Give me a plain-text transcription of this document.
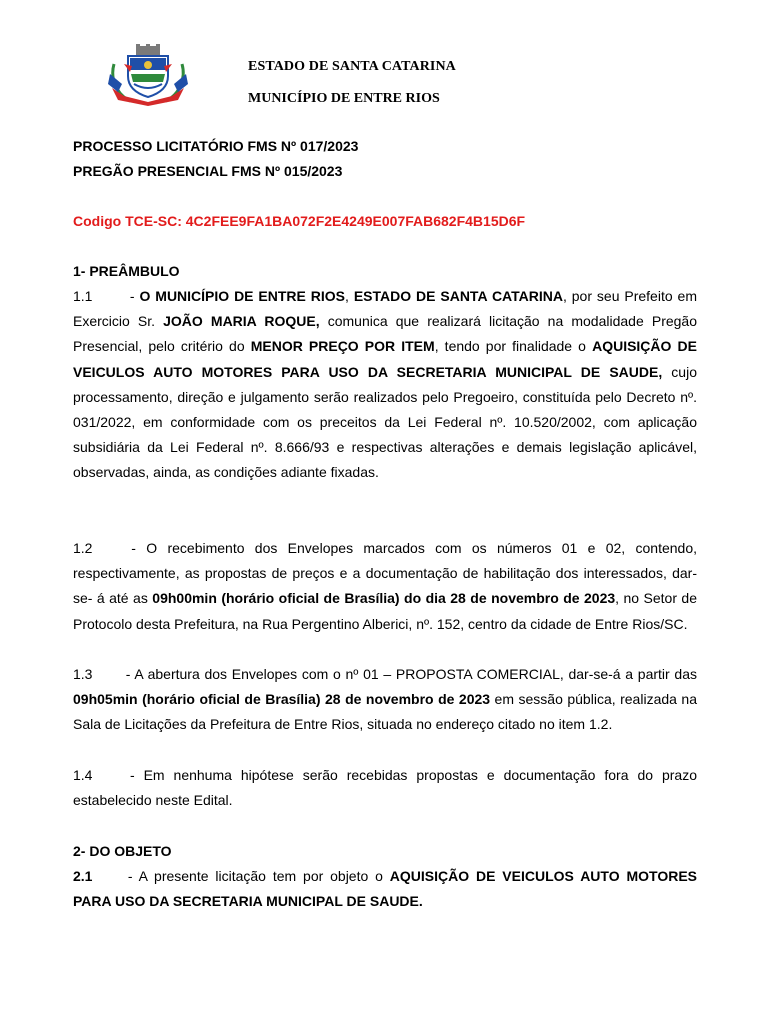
ESTADO DE SANTA CATARINA
MUNICÍPIO DE ENTRE RIOS
PROCESSO LICITATÓRIO FMS Nº 017/2023
PREGÃO PRESENCIAL FMS Nº 015/2023
Codigo TCE-SC: 4C2FEE9FA1BA072F2E4249E007FAB682F4B15D6F
1- PREÂMBULO

1.1 - O MUNICÍPIO DE ENTRE RIOS, ESTADO DE SANTA CATARINA, por seu Prefeito em Exercicio Sr. JOÃO MARIA ROQUE, comunica que realizará licitação na modalidade Pregão Presencial, pelo critério do MENOR PREÇO POR ITEM, tendo por finalidade o AQUISIÇÃO DE VEICULOS AUTO MOTORES PARA USO DA SECRETARIA MUNICIPAL DE SAUDE, cujo processamento, direção e julgamento serão realizados pelo Pregoeiro, constituída pelo Decreto nº. 031/2022, em conformidade com os preceitos da Lei Federal nº. 10.520/2002, com aplicação subsidiária da Lei Federal nº. 8.666/93 e respectivas alterações e demais legislação aplicável, observadas, ainda, as condições adiante fixadas.

1.2 - O recebimento dos Envelopes marcados com os números 01 e 02, contendo, respectivamente, as propostas de preços e a documentação de habilitação dos interessados, dar-se- á até as 09h00min (horário oficial de Brasília) do dia 28 de novembro de 2023, no Setor de Protocolo desta Prefeitura, na Rua Pergentino Alberici, nº. 152, centro da cidade de Entre Rios/SC.

1.3 - A abertura dos Envelopes com o nº 01 – PROPOSTA COMERCIAL, dar-se-á a partir das 09h05min (horário oficial de Brasília) 28 de novembro de 2023 em sessão pública, realizada na Sala de Licitações da Prefeitura de Entre Rios, situada no endereço citado no item 1.2.

1.4 - Em nenhuma hipótese serão recebidas propostas e documentação fora do prazo estabelecido neste Edital.

2- DO OBJETO

2.1 - A presente licitação tem por objeto o AQUISIÇÃO DE VEICULOS AUTO MOTORES PARA USO DA SECRETARIA MUNICIPAL DE SAUDE.
